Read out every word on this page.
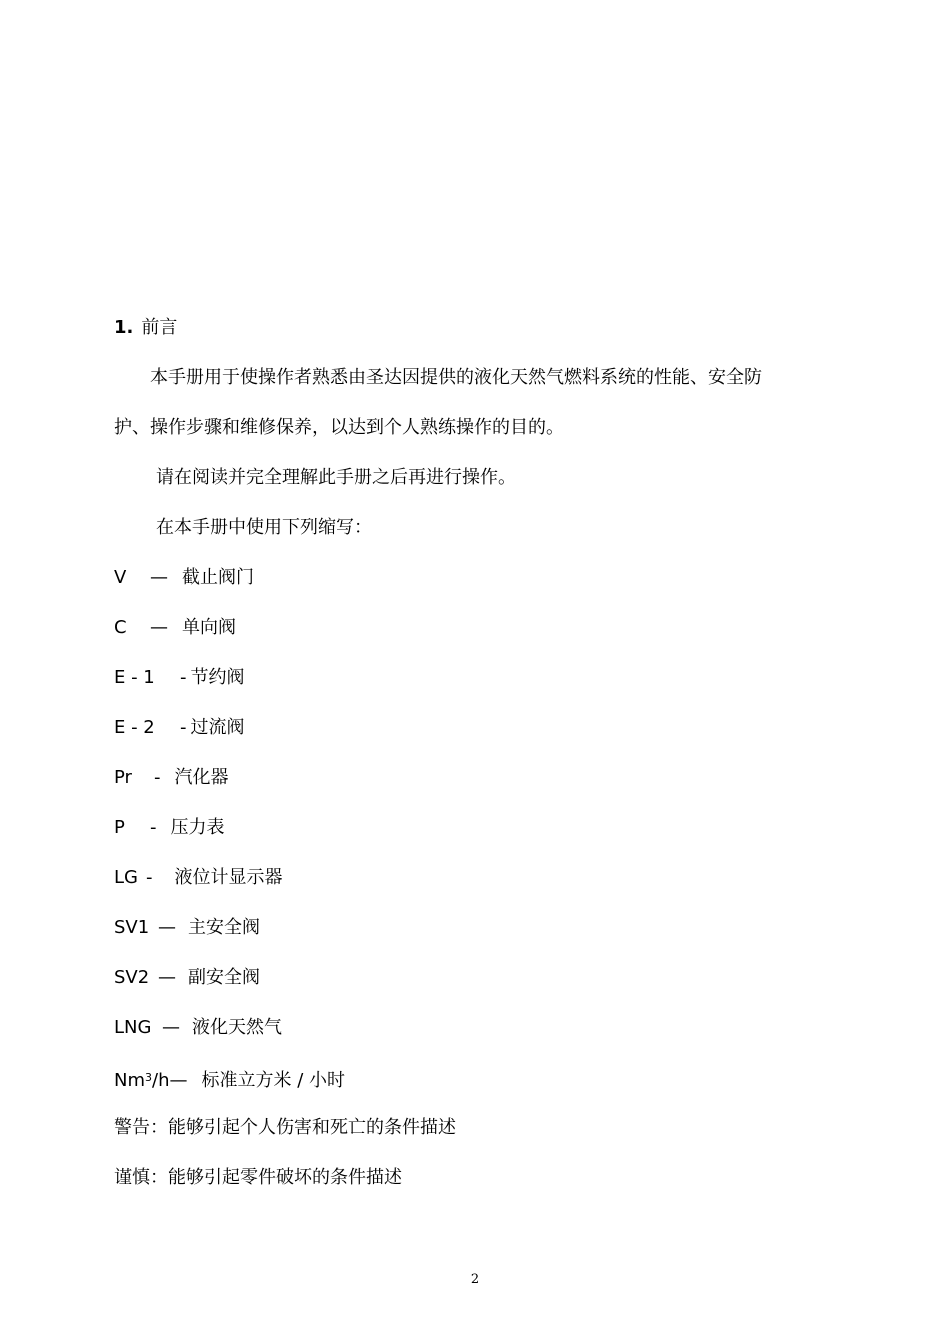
1. 前言
本手册用于使操作者熟悉由圣达因提供的液化天然气燃料系统的性能、安全防
护、操作步骤和维修保养，以达到个人熟练操作的目的。
请在阅读并完全理解此手册之后再进行操作。
在本手册中使用下列缩写：
V — 截止阀门
C — 单向阀
E - 1 - 节约阀
E - 2 - 过流阀
Pr - 汽化器
P - 压力表
LG - 液位计显示器
SV1 — 主安全阀
SV2 — 副安全阀
LNG — 液化天然气
Nm$^3$/h— 标准立方米 / 小时
警告：能够引起个人伤害和死亡的条件描述
谨慎：能够引起零件破坏的条件描述
2
